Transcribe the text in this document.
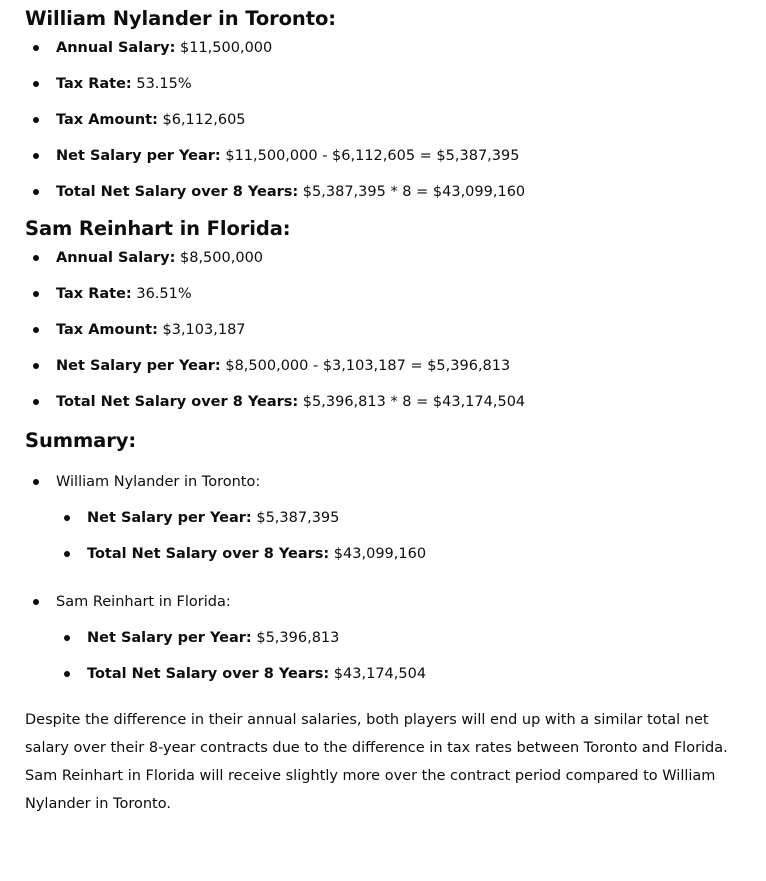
William Nylander in Toronto:
Annual Salary: $11,500,000
Tax Rate: 53.15%
Tax Amount: $6,112,605
Net Salary per Year: $11,500,000 - $6,112,605 = $5,387,395
Total Net Salary over 8 Years: $5,387,395 * 8 = $43,099,160
Sam Reinhart in Florida:
Annual Salary: $8,500,000
Tax Rate: 36.51%
Tax Amount: $3,103,187
Net Salary per Year: $8,500,000 - $3,103,187 = $5,396,813
Total Net Salary over 8 Years: $5,396,813 * 8 = $43,174,504
Summary:
William Nylander in Toronto:
Net Salary per Year: $5,387,395
Total Net Salary over 8 Years: $43,099,160
Sam Reinhart in Florida:
Net Salary per Year: $5,396,813
Total Net Salary over 8 Years: $43,174,504

Despite the difference in their annual salaries, both players will end up with a similar total net salary over their 8-year contracts due to the difference in tax rates between Toronto and Florida. Sam Reinhart in Florida will receive slightly more over the contract period compared to William Nylander in Toronto.
